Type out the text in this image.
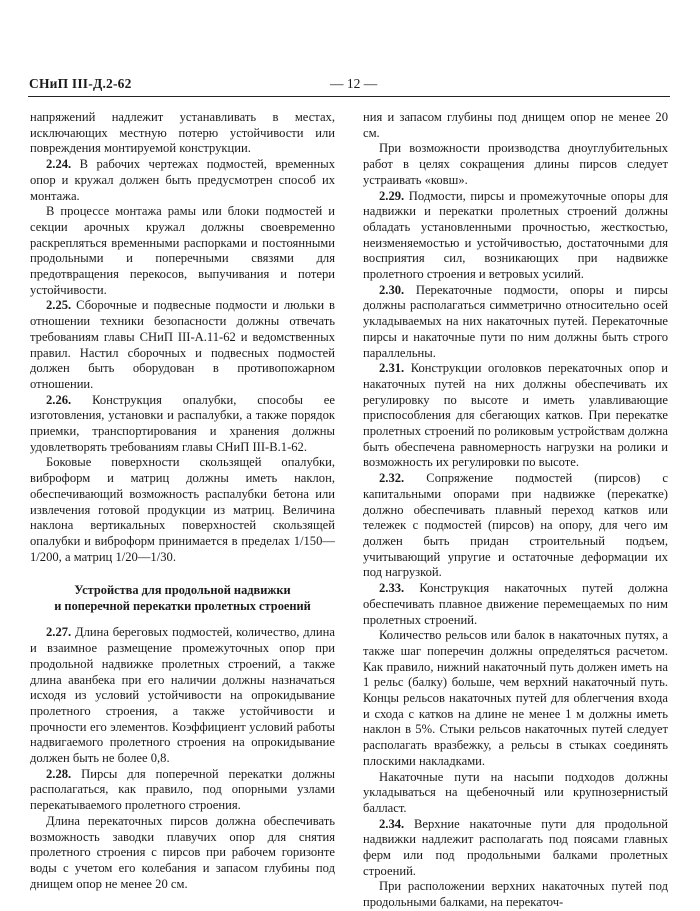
СНиП III-Д.2-62	— 12 —

напряжений надлежит устанавливать в местах, исключающих местную потерю устойчивости или повреждения монтируемой конструкции.

2.24. В рабочих чертежах подмостей, временных опор и кружал должен быть предусмотрен способ их монтажа.

В процессе монтажа рамы или блоки подмостей и секции арочных кружал должны своевременно раскрепляться временными распорками и постоянными продольными и поперечными связями для предотвращения перекосов, выпучивания и потери устойчивости.

2.25. Сборочные и подвесные подмости и люльки в отношении техники безопасности должны отвечать требованиям главы СНиП III-А.11-62 и ведомственных правил. Настил сборочных и подвесных подмостей должен быть оборудован в противопожарном отношении.

2.26. Конструкция опалубки, способы ее изготовления, установки и распалубки, а также порядок приемки, транспортирования и хранения должны удовлетворять требованиям главы СНиП III-В.1-62.

Боковые поверхности скользящей опалубки, виброформ и матриц должны иметь наклон, обеспечивающий возможность распалубки бетона или извлечения готовой продукции из матриц. Величина наклона вертикальных поверхностей скользящей опалубки и виброформ принимается в пределах 1/150—1/200, а матриц 1/20—1/30.

Устройства для продольной надвижки
и поперечной перекатки пролетных строений

2.27. Длина береговых подмостей, количество, длина и взаимное размещение промежуточных опор при продольной надвижке пролетных строений, а также длина аванбека при его наличии должны назначаться исходя из условий устойчивости на опрокидывание пролетного строения, а также устойчивости и прочности его элементов. Коэффициент условий работы надвигаемого пролетного строения на опрокидывание должен быть не более 0,8.

2.28. Пирсы для поперечной перекатки должны располагаться, как правило, под опорными узлами перекатываемого пролетного строения.

Длина перекаточных пирсов должна обеспечивать возможность заводки плавучих опор для снятия пролетного строения с пирсов при рабочем горизонте воды с учетом его колебания и запасом глубины под днищем опор не менее 20 см.

ния и запасом глубины под днищем опор не менее 20 см.

При возможности производства дноуглубительных работ в целях сокращения длины пирсов следует устраивать «ковш».

2.29. Подмости, пирсы и промежуточные опоры для надвижки и перекатки пролетных строений должны обладать установленными прочностью, жесткостью, неизменяемостью и устойчивостью, достаточными для восприятия сил, возникающих при надвижке пролетного строения и ветровых усилий.

2.30. Перекаточные подмости, опоры и пирсы должны располагаться симметрично относительно осей укладываемых на них накаточных путей. Перекаточные пирсы и накаточные пути по ним должны быть строго параллельны.

2.31. Конструкции оголовков перекаточных опор и накаточных путей на них должны обеспечивать их регулировку по высоте и иметь улавливающие приспособления для сбегающих катков. При перекатке пролетных строений по роликовым устройствам должна быть обеспечена равномерность нагрузки на ролики и возможность их регулировки по высоте.

2.32. Сопряжение подмостей (пирсов) с капитальными опорами при надвижке (перекатке) должно обеспечивать плавный переход катков или тележек с подмостей (пирсов) на опору, для чего им должен быть придан строительный подъем, учитывающий упругие и остаточные деформации их под нагрузкой.

2.33. Конструкция накаточных путей должна обеспечивать плавное движение перемещаемых по ним пролетных строений.

Количество рельсов или балок в накаточных путях, а также шаг поперечин должны определяться расчетом. Как правило, нижний накаточный путь должен иметь на 1 рельс (балку) больше, чем верхний накаточный путь. Концы рельсов накаточных путей для облегчения входа и схода с катков на длине не менее 1 м должны иметь наклон в 5%. Стыки рельсов накаточных путей следует располагать вразбежку, а рельсы в стыках соединять плоскими накладками.

Накаточные пути на насыпи подходов должны укладываться на щебеночный или крупнозернистый балласт.

2.34. Верхние накаточные пути для продольной надвижки надлежит располагать под поясами главных ферм или под продольными балками пролетных строений.

При расположении верхних накаточных путей под продольными балками, на перекаточ-
